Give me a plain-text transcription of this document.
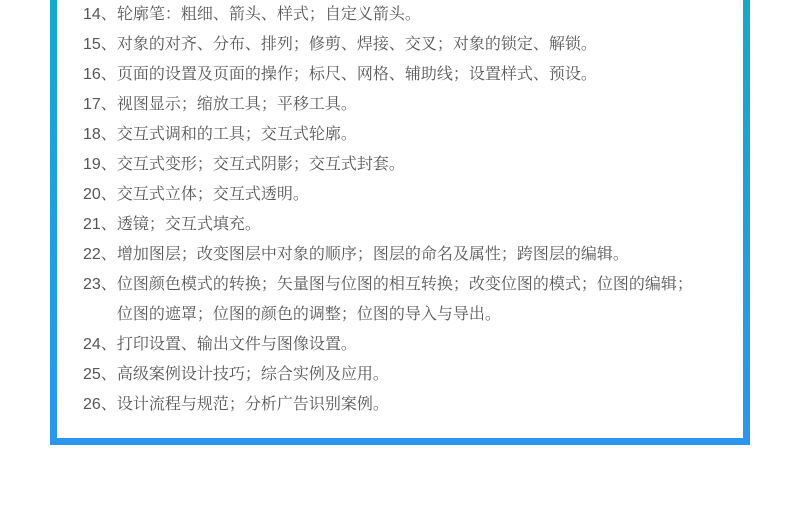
14、 轮廓笔：粗细、箭头、样式；自定义箭头。
15、 对象的对齐、分布、排列；修剪、焊接、交叉；对象的锁定、解锁。
16、 页面的设置及页面的操作；标尺、网格、辅助线；设置样式、预设。
17、 视图显示；缩放工具；平移工具。
18、 交互式调和的工具；交互式轮廓。
19、 交互式变形；交互式阴影；交互式封套。
20、 交互式立体；交互式透明。
21、 透镜；交互式填充。
22、 增加图层；改变图层中对象的顺序；图层的命名及属性；跨图层的编辑。
23、 位图颜色模式的转换；矢量图与位图的相互转换；改变位图的模式；位图的编辑；位图的遮罩；位图的颜色的调整；位图的导入与导出。
24、 打印设置、输出文件与图像设置。
25、 高级案例设计技巧；综合实例及应用。
26、 设计流程与规范；分析广告识别案例。
